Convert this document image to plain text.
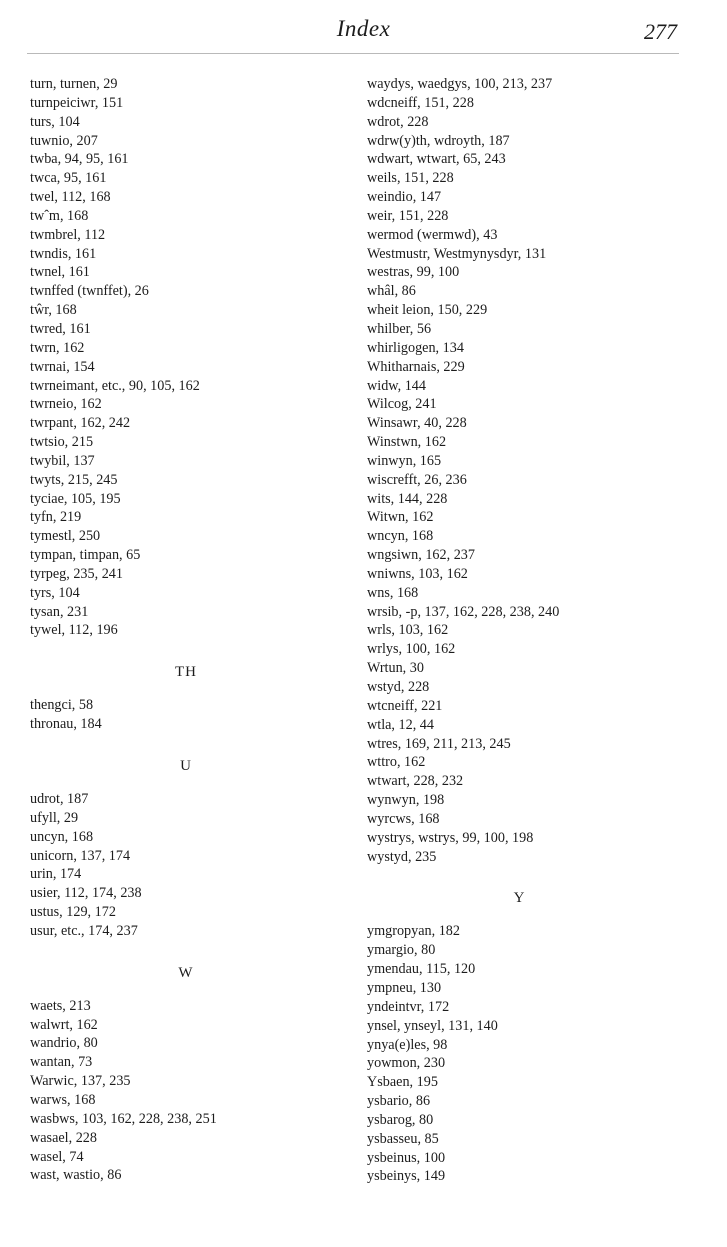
Index	277
turn, turnen, 29
turnpeiciwr, 151
turs, 104
tuwnio, 207
twba, 94, 95, 161
twca, 95, 161
twel, 112, 168
twˆm, 168
twmbrel, 112
twndis, 161
twnel, 161
twnffed (twnffet), 26
tŵr, 168
twred, 161
twrn, 162
twrnai, 154
twrneimant, etc., 90, 105, 162
twrneio, 162
twrpant, 162, 242
twtsio, 215
twybil, 137
twyts, 215, 245
tyciae, 105, 195
tyfn, 219
tymestl, 250
tympan, timpan, 65
tyrpeg, 235, 241
tyrs, 104
tysan, 231
tywel, 112, 196
TH
thengci, 58
thronau, 184
U
udrot, 187
ufyll, 29
uncyn, 168
unicorn, 137, 174
urin, 174
usier, 112, 174, 238
ustus, 129, 172
usur, etc., 174, 237
W
waets, 213
walwrt, 162
wandrio, 80
wantan, 73
Warwic, 137, 235
warws, 168
wasbws, 103, 162, 228, 238, 251
wasael, 228
wasel, 74
wast, wastio, 86
waydys, waedgys, 100, 213, 237
wdcneiff, 151, 228
wdrot, 228
wdrw(y)th, wdroyth, 187
wdwart, wtwart, 65, 243
weils, 151, 228
weindio, 147
weir, 151, 228
wermod (wermwd), 43
Westmustr, Westmynysdyr, 131
westras, 99, 100
whâl, 86
wheit leion, 150, 229
whilber, 56
whirligogen, 134
Whitharnais, 229
widw, 144
Wilcog, 241
Winsawr, 40, 228
Winstwn, 162
winwyn, 165
wiscrefft, 26, 236
wits, 144, 228
Witwn, 162
wncyn, 168
wngsiwn, 162, 237
wniwns, 103, 162
wns, 168
wrsib, -p, 137, 162, 228, 238, 240
wrls, 103, 162
wrlys, 100, 162
Wrtun, 30
wstyd, 228
wtcneiff, 221
wtla, 12, 44
wtres, 169, 211, 213, 245
wttro, 162
wtwart, 228, 232
wynwyn, 198
wyrcws, 168
wystrys, wstrys, 99, 100, 198
wystyd, 235
Y
ymgropyan, 182
ymargio, 80
ymendau, 115, 120
ympneu, 130
yndeintvr, 172
ynsel, ynseyl, 131, 140
ynya(e)les, 98
yowmon, 230
Ysbaen, 195
ysbario, 86
ysbarog, 80
ysbasseu, 85
ysbeinus, 100
ysbeinys, 149
